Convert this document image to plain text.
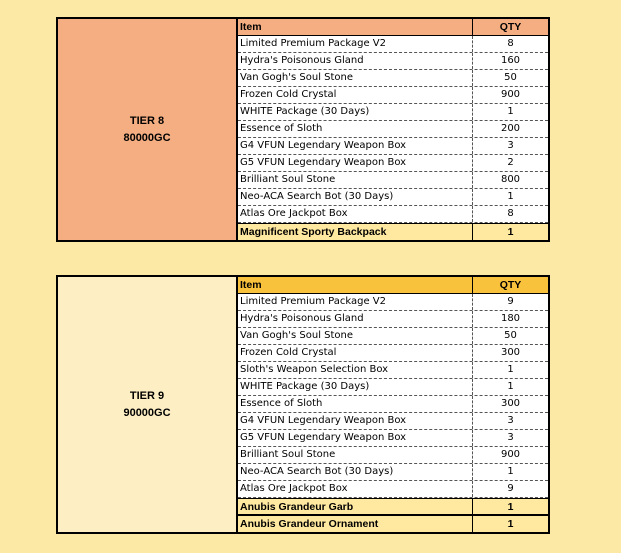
TIER 8
80000GC
Item	QTY
Limited Premium Package V2	8
Hydra's Poisonous Gland	160
Van Gogh's Soul Stone	50
Frozen Cold Crystal	900
WHITE Package (30 Days)	1
Essence of Sloth	200
G4 VFUN Legendary Weapon Box	3
G5 VFUN Legendary Weapon Box	2
Brilliant Soul Stone	800
Neo-ACA Search Bot (30 Days)	1
Atlas Ore Jackpot Box	8
Magnificent Sporty Backpack	1
TIER 9
90000GC
Item	QTY
Limited Premium Package V2	9
Hydra's Poisonous Gland	180
Van Gogh's Soul Stone	50
Frozen Cold Crystal	300
Sloth's Weapon Selection Box	1
WHITE Package (30 Days)	1
Essence of Sloth	300
G4 VFUN Legendary Weapon Box	3
G5 VFUN Legendary Weapon Box	3
Brilliant Soul Stone	900
Neo-ACA Search Bot (30 Days)	1
Atlas Ore Jackpot Box	9
Anubis Grandeur Garb	1
Anubis Grandeur Ornament	1
